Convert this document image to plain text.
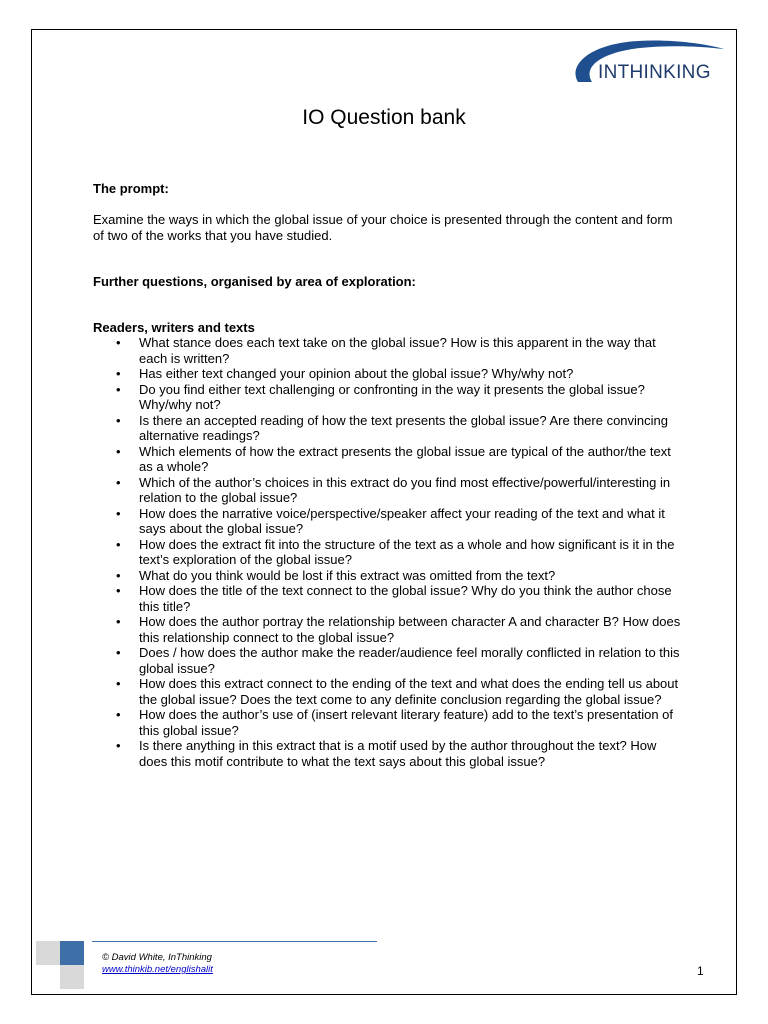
INTHINKING
IO Question bank
The prompt:
Examine the ways in which the global issue of your choice is presented through the content and form of two of the works that you have studied.
Further questions, organised by area of exploration:
Readers, writers and texts
• What stance does each text take on the global issue? How is this apparent in the way that each is written?
• Has either text changed your opinion about the global issue? Why/why not?
• Do you find either text challenging or confronting in the way it presents the global issue? Why/why not?
• Is there an accepted reading of how the text presents the global issue? Are there convincing alternative readings?
• Which elements of how the extract presents the global issue are typical of the author/the text as a whole?
• Which of the author’s choices in this extract do you find most effective/powerful/interesting in relation to the global issue?
• How does the narrative voice/perspective/speaker affect your reading of the text and what it says about the global issue?
• How does the extract fit into the structure of the text as a whole and how significant is it in the text’s exploration of the global issue?
• What do you think would be lost if this extract was omitted from the text?
• How does the title of the text connect to the global issue? Why do you think the author chose this title?
• How does the author portray the relationship between character A and character B? How does this relationship connect to the global issue?
• Does / how does the author make the reader/audience feel morally conflicted in relation to this global issue?
• How does this extract connect to the ending of the text and what does the ending tell us about the global issue? Does the text come to any definite conclusion regarding the global issue?
• How does the author’s use of (insert relevant literary feature) add to the text’s presentation of this global issue?
• Is there anything in this extract that is a motif used by the author throughout the text? How does this motif contribute to what the text says about this global issue?
© David White, InThinking
www.thinkib.net/englishalit	1
